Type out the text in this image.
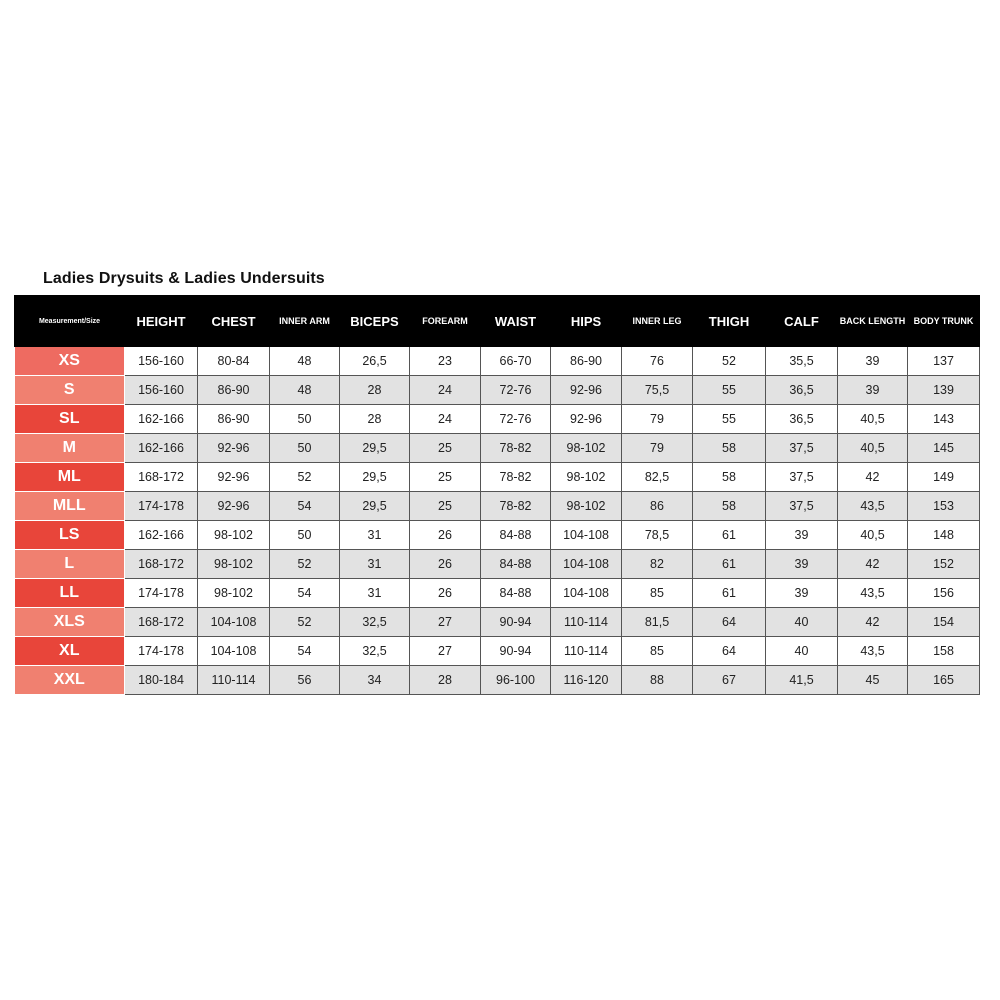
Ladies Drysuits & Ladies Undersuits
Measurement/Size	HEIGHT	CHEST	INNER ARM	BICEPS	FOREARM	WAIST	HIPS	INNER LEG	THIGH	CALF	BACK LENGTH	BODY TRUNK
XS	156-160	80-84	48	26,5	23	66-70	86-90	76	52	35,5	39	137
S	156-160	86-90	48	28	24	72-76	92-96	75,5	55	36,5	39	139
SL	162-166	86-90	50	28	24	72-76	92-96	79	55	36,5	40,5	143
M	162-166	92-96	50	29,5	25	78-82	98-102	79	58	37,5	40,5	145
ML	168-172	92-96	52	29,5	25	78-82	98-102	82,5	58	37,5	42	149
MLL	174-178	92-96	54	29,5	25	78-82	98-102	86	58	37,5	43,5	153
LS	162-166	98-102	50	31	26	84-88	104-108	78,5	61	39	40,5	148
L	168-172	98-102	52	31	26	84-88	104-108	82	61	39	42	152
LL	174-178	98-102	54	31	26	84-88	104-108	85	61	39	43,5	156
XLS	168-172	104-108	52	32,5	27	90-94	110-114	81,5	64	40	42	154
XL	174-178	104-108	54	32,5	27	90-94	110-114	85	64	40	43,5	158
XXL	180-184	110-114	56	34	28	96-100	116-120	88	67	41,5	45	165
